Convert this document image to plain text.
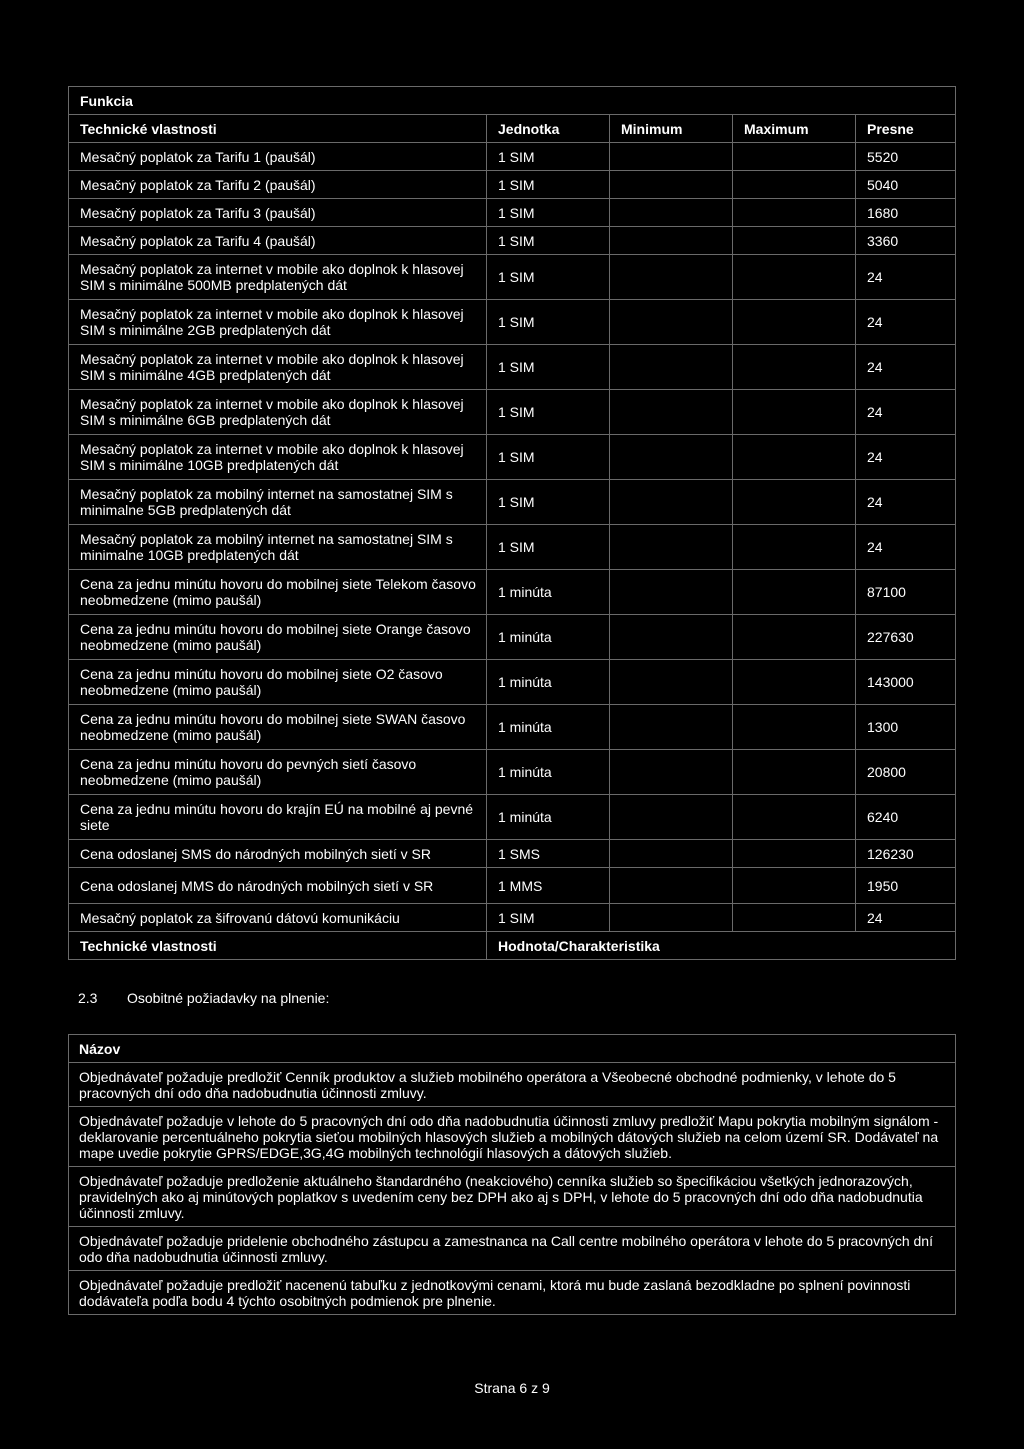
Funkcia				
Technické vlastnosti	Jednotka	Minimum	Maximum	Presne
Mesačný poplatok za Tarifu 1 (paušál)	1 SIM			5520
Mesačný poplatok za Tarifu 2 (paušál)	1 SIM			5040
Mesačný poplatok za Tarifu 3 (paušál)	1 SIM			1680
Mesačný poplatok za Tarifu 4 (paušál)	1 SIM			3360
Mesačný poplatok za internet v mobile ako doplnok k hlasovej SIM s minimálne 500MB predplatených dát	1 SIM			24
Mesačný poplatok za internet v mobile ako doplnok k hlasovej SIM s minimálne 2GB predplatených dát	1 SIM			24
Mesačný poplatok za internet v mobile ako doplnok k hlasovej SIM s minimálne 4GB predplatených dát	1 SIM			24
Mesačný poplatok za internet v mobile ako doplnok k hlasovej SIM s minimálne 6GB predplatených dát	1 SIM			24
Mesačný poplatok za internet v mobile ako doplnok k hlasovej SIM s minimálne 10GB predplatených dát	1 SIM			24
Mesačný poplatok za mobilný internet na samostatnej SIM s minimalne 5GB predplatených dát	1 SIM			24
Mesačný poplatok za mobilný internet na samostatnej SIM s minimalne 10GB predplatených dát	1 SIM			24
Cena za jednu minútu hovoru do mobilnej siete Telekom časovo neobmedzene (mimo paušál)	1 minúta			87100
Cena za jednu minútu hovoru do mobilnej siete Orange časovo neobmedzene (mimo paušál)	1 minúta			227630
Cena za jednu minútu hovoru do mobilnej siete O2 časovo neobmedzene (mimo paušál)	1 minúta			143000
Cena za jednu minútu hovoru do mobilnej siete SWAN časovo neobmedzene (mimo paušál)	1 minúta			1300
Cena za jednu minútu hovoru do pevných sietí časovo neobmedzene (mimo paušál)	1 minúta			20800
Cena za jednu minútu hovoru do krajín EÚ na mobilné aj pevné siete	1 minúta			6240
Cena odoslanej SMS do národných mobilných sietí v SR	1 SMS			126230
Cena odoslanej MMS do národných mobilných sietí v SR	1 MMS			1950
Mesačný poplatok za šifrovanú dátovú komunikáciu	1 SIM			24
Technické vlastnosti	Hodnota/Charakteristika			
2.3 Osobitné požiadavky na plnenie:
Názov
Objednávateľ požaduje predložiť Cenník produktov a služieb mobilného operátora a Všeobecné obchodné podmienky, v lehote do 5 pracovných dní odo dňa nadobudnutia účinnosti zmluvy.
Objednávateľ požaduje v lehote do 5 pracovných dní odo dňa nadobudnutia účinnosti zmluvy predložiť Mapu pokrytia mobilným signálom - deklarovanie percentuálneho pokrytia sieťou mobilných hlasových služieb a mobilných dátových služieb na celom území SR. Dodávateľ na mape uvedie pokrytie GPRS/EDGE,3G,4G mobilných technológií hlasových a dátových služieb.
Objednávateľ požaduje predloženie aktuálneho štandardného (neakciového) cenníka služieb so špecifikáciou všetkých jednorazových, pravidelných ako aj minútových poplatkov s uvedením ceny bez DPH ako aj s DPH, v lehote do 5 pracovných dní odo dňa nadobudnutia účinnosti zmluvy.
Objednávateľ požaduje pridelenie obchodného zástupcu a zamestnanca na Call centre mobilného operátora v lehote do 5 pracovných dní odo dňa nadobudnutia účinnosti zmluvy.
Objednávateľ požaduje predložiť nacenenú tabuľku z jednotkovými cenami, ktorá mu bude zaslaná bezodkladne po splnení povinnosti dodávateľa podľa bodu 4 týchto osobitných podmienok pre plnenie.
Strana 6 z 9
